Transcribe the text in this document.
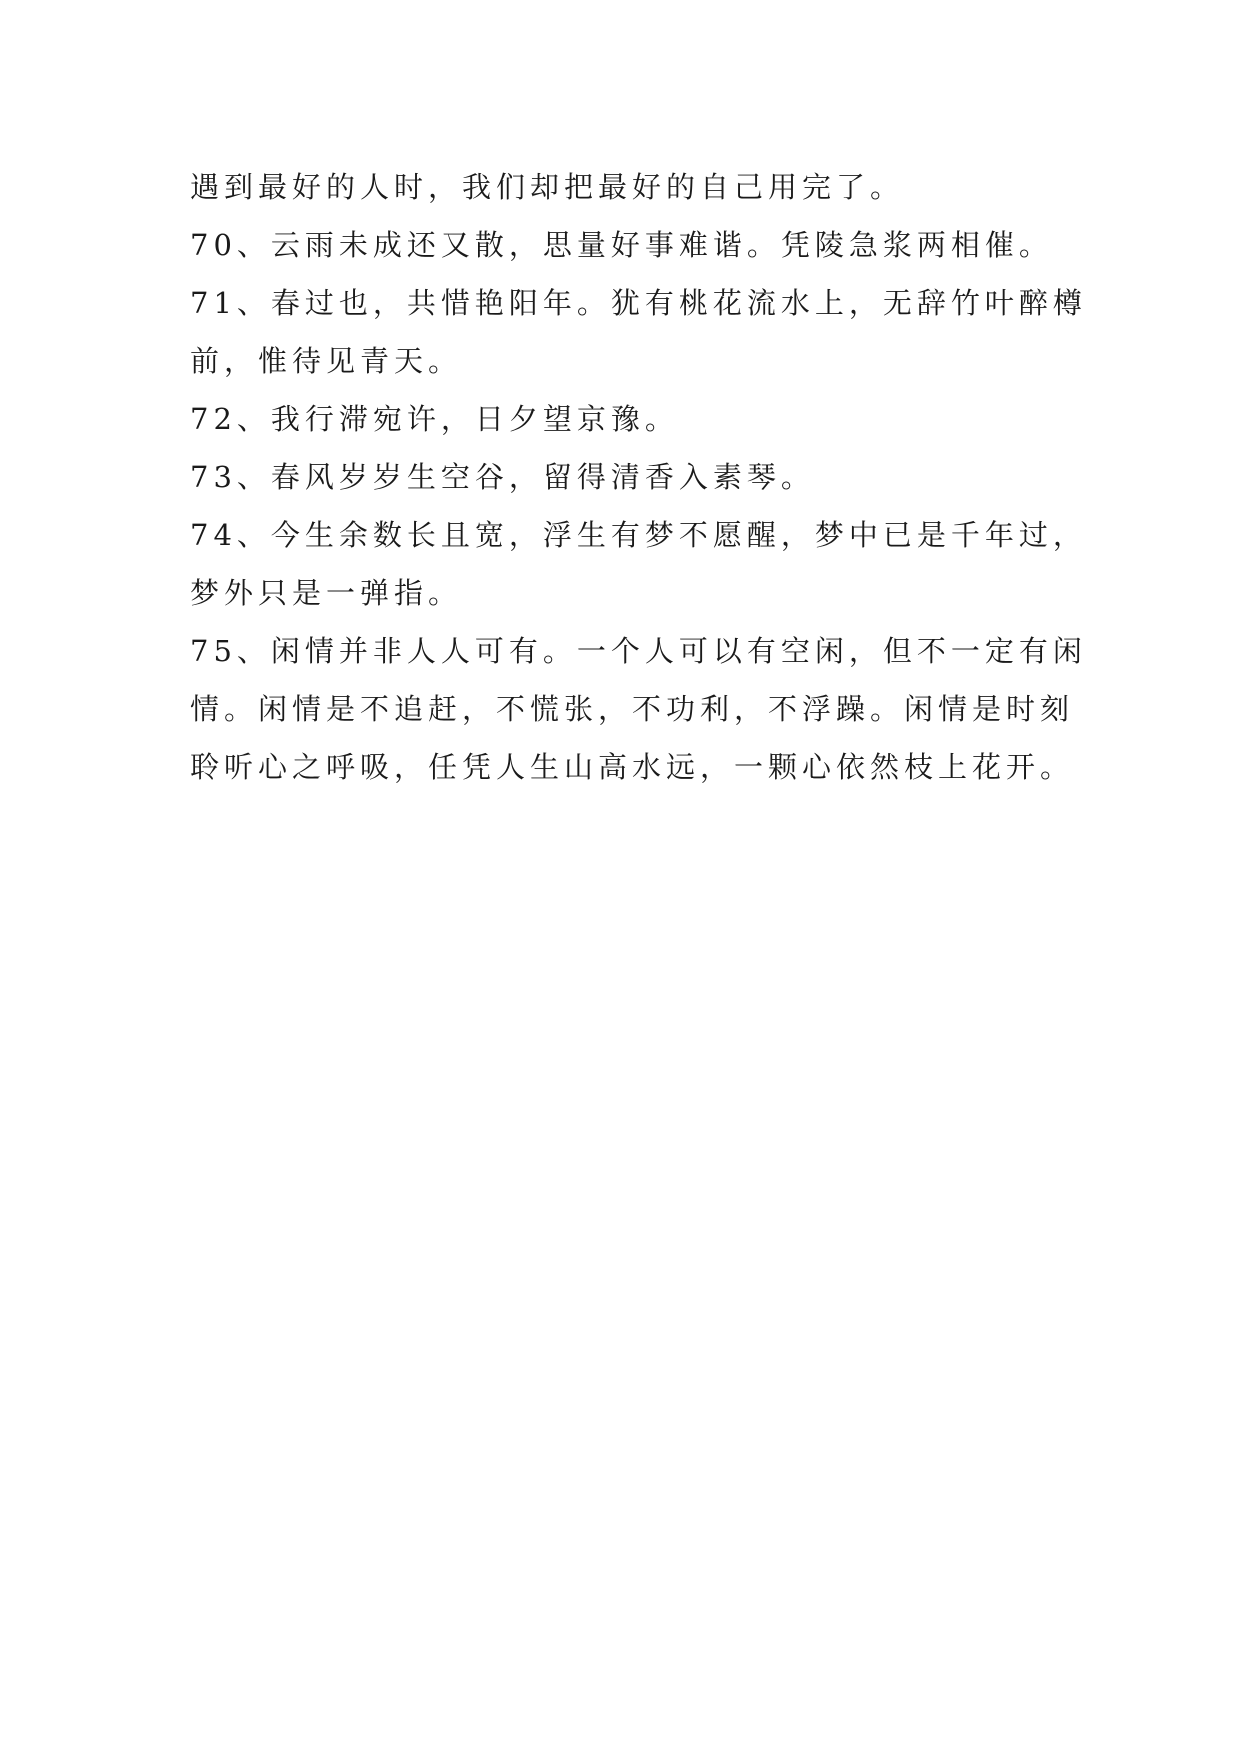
遇到最好的人时，我们却把最好的自己用完了。
70、云雨未成还又散，思量好事难谐。凭陵急浆两相催。
71、春过也，共惜艳阳年。犹有桃花流水上，无辞竹叶醉樽
前，惟待见青天。
72、我行滞宛许，日夕望京豫。
73、春风岁岁生空谷，留得清香入素琴。
74、今生余数长且宽，浮生有梦不愿醒，梦中已是千年过，
梦外只是一弹指。
75、闲情并非人人可有。一个人可以有空闲，但不一定有闲
情。闲情是不追赶，不慌张，不功利，不浮躁。闲情是时刻
聆听心之呼吸，任凭人生山高水远，一颗心依然枝上花开。
